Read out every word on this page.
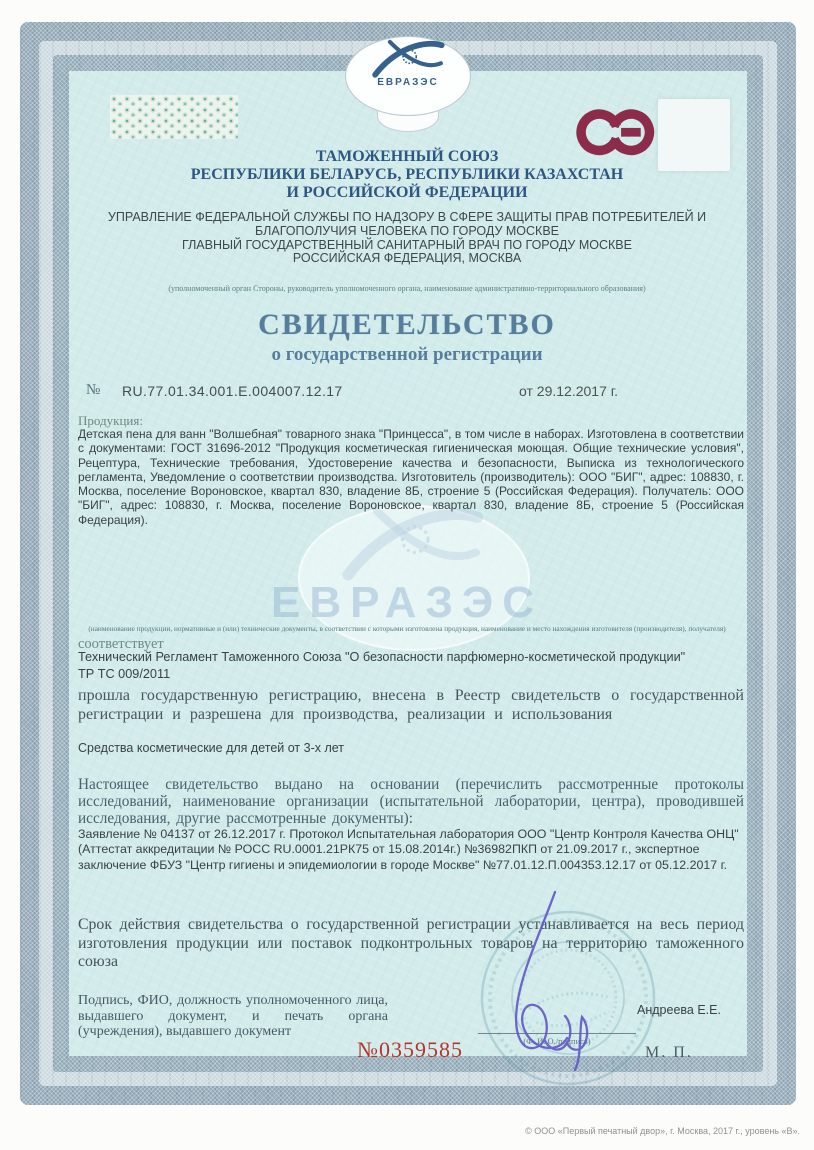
ЕВРАЗЭС
ЕВРАЗЭС
ТАМОЖЕННЫЙ СОЮЗ
РЕСПУБЛИКИ БЕЛАРУСЬ, РЕСПУБЛИКИ КАЗАХСТАН
И РОССИЙСКОЙ ФЕДЕРАЦИИ
УПРАВЛЕНИЕ ФЕДЕРАЛЬНОЙ СЛУЖБЫ ПО НАДЗОРУ В СФЕРЕ ЗАЩИТЫ ПРАВ ПОТРЕБИТЕЛЕЙ И
БЛАГОПОЛУЧИЯ ЧЕЛОВЕКА ПО ГОРОДУ МОСКВЕ
ГЛАВНЫЙ ГОСУДАРСТВЕННЫЙ САНИТАРНЫЙ ВРАЧ ПО ГОРОДУ МОСКВЕ
РОССИЙСКАЯ ФЕДЕРАЦИЯ, МОСКВА
(уполномоченный орган Стороны, руководитель уполномоченного органа, наименование административно-территориального образования)
СВИДЕТЕЛЬСТВО
о государственной регистрации
№ RU.77.01.34.001.E.004007.12.17	от 29.12.2017 г.
Продукция:
Детская пена для ванн "Волшебная" товарного знака "Принцесса", в том числе в наборах. Изготовлена в соответствии с документами: ГОСТ 31696-2012 "Продукция косметическая гигиеническая моющая. Общие технические условия", Рецептура, Технические требования, Удостоверение качества и безопасности, Выписка из технологического регламента, Уведомление о соответствии производства. Изготовитель (производитель): ООО "БИГ", адрес: 108830, г. Москва, поселение Вороновское, квартал 830, владение 8Б, строение 5 (Российская Федерация). Получатель: ООО "БИГ", адрес: 108830, г. Москва, поселение Вороновское, квартал 830, владение 8Б, строение 5 (Российская Федерация).
(наименование продукции, нормативные и (или) технические документы, в соответствии с которыми изготовлена продукция, наименование и место нахождения изготовителя (производителя), получателя)
соответствует
Технический Регламент Таможенного Союза "О безопасности парфюмерно-косметической продукции"
ТР ТС 009/2011
прошла государственную регистрацию, внесена в Реестр свидетельств о государственной регистрации и разрешена для производства, реализации и использования
Средства косметические для детей от 3-х лет
Настоящее свидетельство выдано на основании (перечислить рассмотренные протоколы исследований, наименование организации (испытательной лаборатории, центра), проводившей исследования, другие рассмотренные документы):
Заявление № 04137 от 26.12.2017 г. Протокол Испытательная лаборатория ООО "Центр Контроля Качества ОНЦ" (Аттестат аккредитации № РОСС RU.0001.21РК75 от 15.08.2014г.) №36982ПКП от 21.09.2017 г., экспертное заключение ФБУЗ "Центр гигиены и эпидемиологии в городе Москве" №77.01.12.П.004353.12.17 от 05.12.2017 г.
Срок действия свидетельства о государственной регистрации устанавливается на весь период изготовления продукции или поставок подконтрольных товаров на территорию таможенного союза
Подпись, ФИО, должность уполномоченного лица, выдавшего документ, и печать органа (учреждения), выдавшего документ
Андреева Е.Е.
(Ф. И. О./подпись)
М. П.
№0359585
© ООО «Первый печатный двор», г. Москва, 2017 г., уровень «В».
